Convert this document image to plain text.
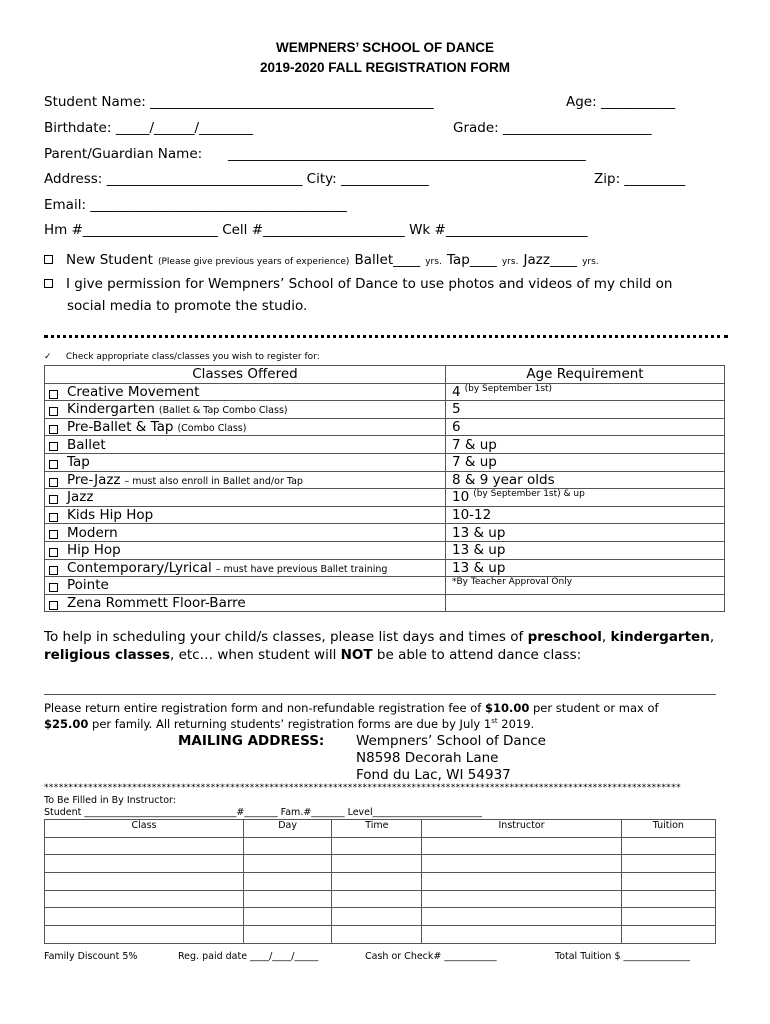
WEMPNERS’ SCHOOL OF DANCE
2019-2020 FALL REGISTRATION FORM
Student Name: __________________________________________	Age: ___________
Birthdate: _____/______/________	Grade: ______________________
Parent/Guardian Name: _____________________________________________________
Address: _____________________________ City: _____________	Zip: _________
Email: ______________________________________
Hm #____________________ Cell #_____________________ Wk #_____________________
New Student (Please give previous years of experience) Ballet____ yrs. Tap____ yrs. Jazz____ yrs.
I give permission for Wempners’ School of Dance to use photos and videos of my child on
social media to promote the studio.
✓ Check appropriate class/classes you wish to register for:
Classes Offered	Age Requirement

Creative Movement	4 $^{(by September 1st)}$

Kindergarten (Ballet & Tap Combo Class)	5

Pre-Ballet & Tap (Combo Class)	6

Ballet	7 & up

Tap	7 & up

Pre-Jazz – must also enroll in Ballet and/or Tap	8 & 9 year olds

Jazz	10 $^{(by September 1st) \& up}$

Kids Hip Hop	10-12

Modern	13 & up

Hip Hop	13 & up

Contemporary/Lyrical – must have previous Ballet training	13 & up

Pointe	$^{*By Teacher Approval Only}$

Zena Rommett Floor-Barre	
To help in scheduling your child/s classes, please list days and times of preschool, kindergarten,
religious classes, etc… when student will NOT be able to attend dance class:
Please return entire registration form and non-refundable registration fee of $10.00 per student or max of
$25.00 per family. All returning students’ registration forms are due by July 1st 2019.
MAILING ADDRESS: Wempners’ School of Dance
N8598 Decorah Lane
Fond du Lac, WI 54937
**********************************************************************************************************************************
To Be Filled in By Instructor:
Student ________________________________#_______ Fam.#_______ Level_______________________
Class	Day	Time	Instructor	Tuition

Family Discount 5%	Reg. paid date ____/____/_____	Cash or Check# ___________	Total Tuition $ ______________
